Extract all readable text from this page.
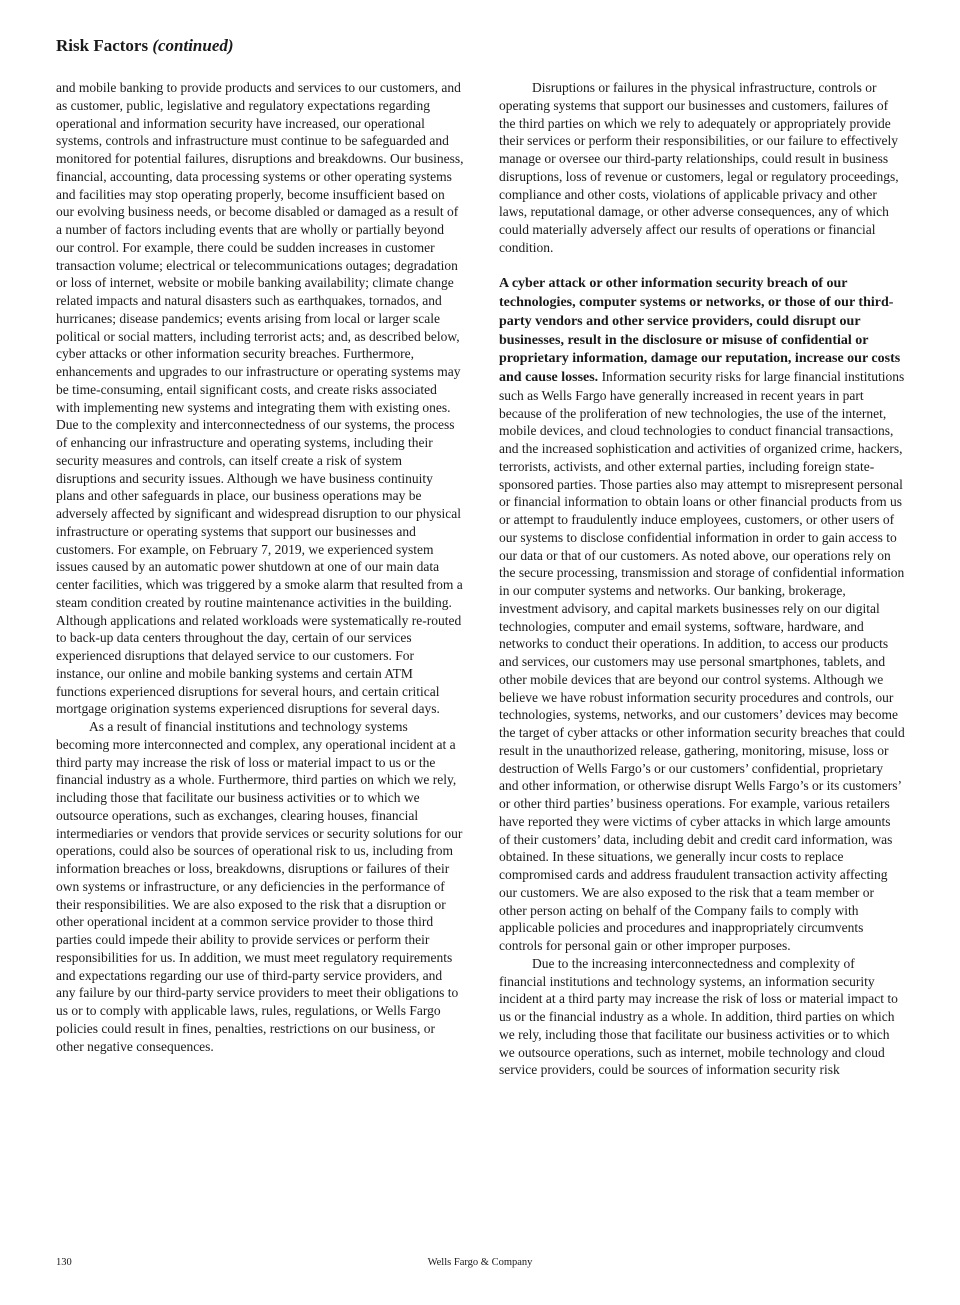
Risk Factors (continued)

and mobile banking to provide products and services to our customers, and as customer, public, legislative and regulatory expectations regarding operational and information security have increased, our operational systems, controls and infrastructure must continue to be safeguarded and monitored for potential failures, disruptions and breakdowns. Our business, financial, accounting, data processing systems or other operating systems and facilities may stop operating properly, become insufficient based on our evolving business needs, or become disabled or damaged as a result of a number of factors including events that are wholly or partially beyond our control. For example, there could be sudden increases in customer transaction volume; electrical or telecommunications outages; degradation or loss of internet, website or mobile banking availability; climate change related impacts and natural disasters such as earthquakes, tornados, and hurricanes; disease pandemics; events arising from local or larger scale political or social matters, including terrorist acts; and, as described below, cyber attacks or other information security breaches. Furthermore, enhancements and upgrades to our infrastructure or operating systems may be time-consuming, entail significant costs, and create risks associated with implementing new systems and integrating them with existing ones. Due to the complexity and interconnectedness of our systems, the process of enhancing our infrastructure and operating systems, including their security measures and controls, can itself create a risk of system disruptions and security issues. Although we have business continuity plans and other safeguards in place, our business operations may be adversely affected by significant and widespread disruption to our physical infrastructure or operating systems that support our businesses and customers. For example, on February 7, 2019, we experienced system issues caused by an automatic power shutdown at one of our main data center facilities, which was triggered by a smoke alarm that resulted from a steam condition created by routine maintenance activities in the building. Although applications and related workloads were systematically re-routed to back-up data centers throughout the day, certain of our services experienced disruptions that delayed service to our customers. For instance, our online and mobile banking systems and certain ATM functions experienced disruptions for several hours, and certain critical mortgage origination systems experienced disruptions for several days.

As a result of financial institutions and technology systems becoming more interconnected and complex, any operational incident at a third party may increase the risk of loss or material impact to us or the financial industry as a whole. Furthermore, third parties on which we rely, including those that facilitate our business activities or to which we outsource operations, such as exchanges, clearing houses, financial intermediaries or vendors that provide services or security solutions for our operations, could also be sources of operational risk to us, including from information breaches or loss, breakdowns, disruptions or failures of their own systems or infrastructure, or any deficiencies in the performance of their responsibilities. We are also exposed to the risk that a disruption or other operational incident at a common service provider to those third parties could impede their ability to provide services or perform their responsibilities for us. In addition, we must meet regulatory requirements and expectations regarding our use of third-party service providers, and any failure by our third-party service providers to meet their obligations to us or to comply with applicable laws, rules, regulations, or Wells Fargo policies could result in fines, penalties, restrictions on our business, or other negative consequences.

Disruptions or failures in the physical infrastructure, controls or operating systems that support our businesses and customers, failures of the third parties on which we rely to adequately or appropriately provide their services or perform their responsibilities, or our failure to effectively manage or oversee our third-party relationships, could result in business disruptions, loss of revenue or customers, legal or regulatory proceedings, compliance and other costs, violations of applicable privacy and other laws, reputational damage, or other adverse consequences, any of which could materially adversely affect our results of operations or financial condition.

A cyber attack or other information security breach of our technologies, computer systems or networks, or those of our third-party vendors and other service providers, could disrupt our businesses, result in the disclosure or misuse of confidential or proprietary information, damage our reputation, increase our costs and cause losses. Information security risks for large financial institutions such as Wells Fargo have generally increased in recent years in part because of the proliferation of new technologies, the use of the internet, mobile devices, and cloud technologies to conduct financial transactions, and the increased sophistication and activities of organized crime, hackers, terrorists, activists, and other external parties, including foreign state-sponsored parties. Those parties also may attempt to misrepresent personal or financial information to obtain loans or other financial products from us or attempt to fraudulently induce employees, customers, or other users of our systems to disclose confidential information in order to gain access to our data or that of our customers. As noted above, our operations rely on the secure processing, transmission and storage of confidential information in our computer systems and networks. Our banking, brokerage, investment advisory, and capital markets businesses rely on our digital technologies, computer and email systems, software, hardware, and networks to conduct their operations. In addition, to access our products and services, our customers may use personal smartphones, tablets, and other mobile devices that are beyond our control systems. Although we believe we have robust information security procedures and controls, our technologies, systems, networks, and our customers’ devices may become the target of cyber attacks or other information security breaches that could result in the unauthorized release, gathering, monitoring, misuse, loss or destruction of Wells Fargo’s or our customers’ confidential, proprietary and other information, or otherwise disrupt Wells Fargo’s or its customers’ or other third parties’ business operations. For example, various retailers have reported they were victims of cyber attacks in which large amounts of their customers’ data, including debit and credit card information, was obtained. In these situations, we generally incur costs to replace compromised cards and address fraudulent transaction activity affecting our customers. We are also exposed to the risk that a team member or other person acting on behalf of the Company fails to comply with applicable policies and procedures and inappropriately circumvents controls for personal gain or other improper purposes.

Due to the increasing interconnectedness and complexity of financial institutions and technology systems, an information security incident at a third party may increase the risk of loss or material impact to us or the financial industry as a whole. In addition, third parties on which we rely, including those that facilitate our business activities or to which we outsource operations, such as internet, mobile technology and cloud service providers, could be sources of information security risk

130	Wells Fargo & Company
